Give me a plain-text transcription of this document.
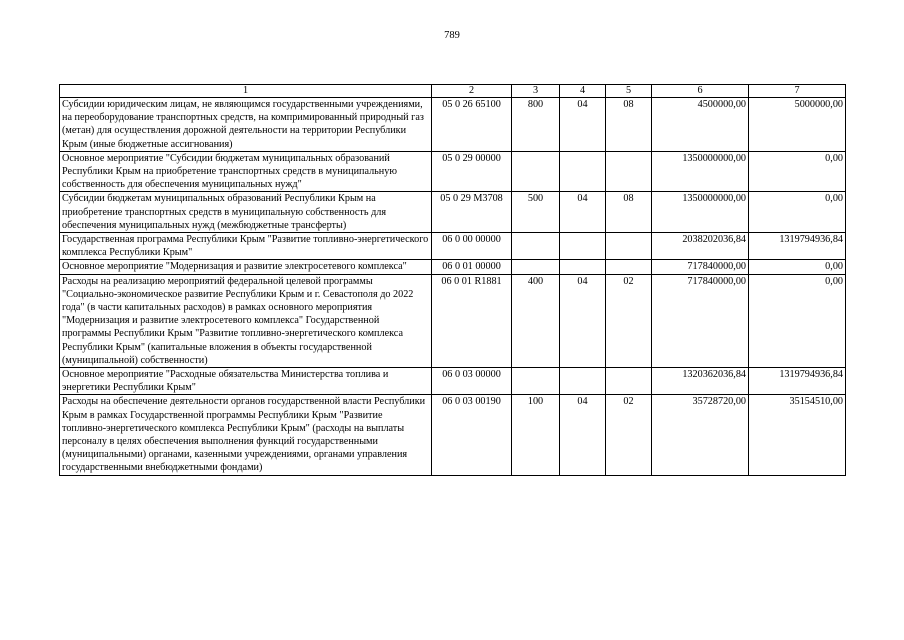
789
1	2	3	4	5	6	7
Субсидии юридическим лицам, не являющимся государственными учреждениями, на переоборудование транспортных средств, на компримированный природный газ (метан) для осуществления дорожной деятельности на территории Республики Крым (иные бюджетные ассигнования)	05 0 26 65100	800	04	08	4500000,00	5000000,00
Основное мероприятие "Субсидии бюджетам муниципальных образований Республики Крым на приобретение транспортных средств в муниципальную собственность для обеспечения муниципальных нужд"	05 0 29 00000				1350000000,00	0,00
Субсидии бюджетам муниципальных образований Республики Крым на приобретение транспортных средств в муниципальную собственность для обеспечения муниципальных нужд (межбюджетные трансферты)	05 0 29 M3708	500	04	08	1350000000,00	0,00
Государственная программа Республики Крым "Развитие топливно-энергетического комплекса Республики Крым"	06 0 00 00000				2038202036,84	1319794936,84
Основное мероприятие "Модернизация и развитие электросетевого комплекса"	06 0 01 00000				717840000,00	0,00
Расходы на реализацию мероприятий федеральной целевой программы "Социально-экономическое развитие Республики Крым и г. Севастополя до 2022 года" (в части капитальных расходов) в рамках основного мероприятия "Модернизация и развитие электросетевого комплекса" Государственной программы Республики Крым "Развитие топливно-энергетического комплекса Республики Крым" (капитальные вложения в объекты государственной (муниципальной) собственности)	06 0 01 R1881	400	04	02	717840000,00	0,00
Основное мероприятие "Расходные обязательства Министерства топлива и энергетики Республики Крым"	06 0 03 00000				1320362036,84	1319794936,84
Расходы на обеспечение деятельности органов государственной власти Республики Крым в рамках Государственной программы Республики Крым "Развитие топливно-энергетического комплекса Республики Крым" (расходы на выплаты персоналу в целях обеспечения выполнения функций государственными (муниципальными) органами, казенными учреждениями, органами управления государственными внебюджетными фондами)	06 0 03 00190	100	04	02	35728720,00	35154510,00
